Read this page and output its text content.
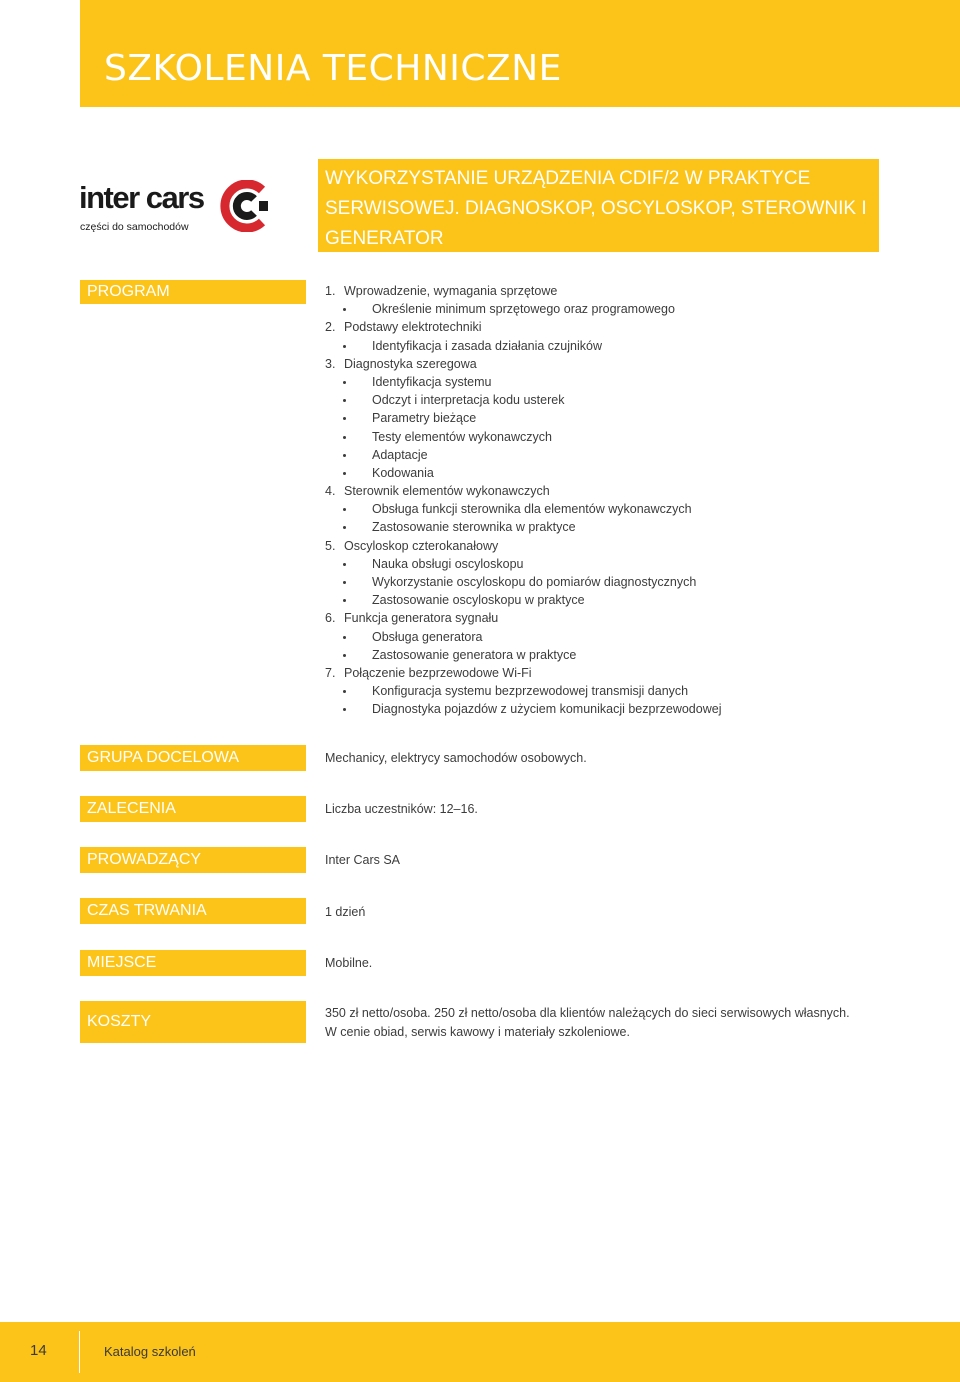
SZKOLENIA TECHNICZNE
inter cars
części do samochodów
WYKORZYSTANIE URZĄDZENIA CDIF/2 W PRAKTYCE SERWISOWEJ. DIAGNOSKOP, OSCYLOSKOP, STEROWNIK I GENERATOR
PROGRAM	1. Wprowadzenie, wymagania sprzętowe
Określenie minimum sprzętowego oraz programowego
2. Podstawy elektrotechniki
Identyfikacja i zasada działania czujników
3. Diagnostyka szeregowa
Identyfikacja systemu
Odczyt i interpretacja kodu usterek
Parametry bieżące
Testy elementów wykonawczych
Adaptacje
Kodowania
4. Sterownik elementów wykonawczych
Obsługa funkcji sterownika dla elementów wykonawczych
Zastosowanie sterownika w praktyce
5. Oscyloskop czterokanałowy
Nauka obsługi oscyloskopu
Wykorzystanie oscyloskopu do pomiarów diagnostycznych
Zastosowanie oscyloskopu w praktyce
6. Funkcja generatora sygnału
Obsługa generatora
Zastosowanie generatora w praktyce
7. Połączenie bezprzewodowe Wi-Fi
Konfiguracja systemu bezprzewodowej transmisji danych
Diagnostyka pojazdów z użyciem komunikacji bezprzewodowej
GRUPA DOCELOWA	Mechanicy, elektrycy samochodów osobowych.
ZALECENIA	Liczba uczestników: 12–16.
PROWADZĄCY	Inter Cars SA
CZAS TRWANIA	1 dzień
MIEJSCE	Mobilne.
KOSZTY	350 zł netto/osoba. 250 zł netto/osoba dla klientów należących do sieci serwisowych własnych.
W cenie obiad, serwis kawowy i materiały szkoleniowe.
14	Katalog szkoleń
